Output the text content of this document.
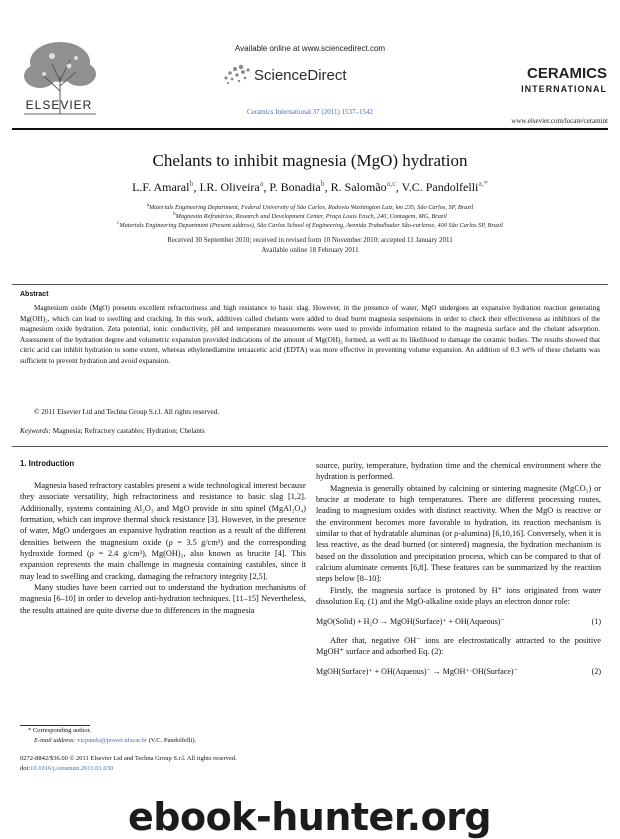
ELSEVIER
Available online at www.sciencedirect.com
ScienceDirect
Ceramics International 37 (2011) 1537–1542
CERAMICS
INTERNATIONAL
www.elsevier.com/locate/ceramint
Chelants to inhibit magnesia (MgO) hydration
L.F. Amaral$^b$, I.R. Oliveira$^a$, P. Bonadia$^b$, R. Salomão$^{a,c}$, V.C. Pandolfelli$^{a,*}$
$^a$Materials Engineering Department, Federal University of São Carlos, Rodovia Washington Luiz, km 235, São Carlos, SP, Brazil
$^b$Magnesita Refratários, Research and Development Center, Praça Louis Ensch, 240, Contagem, MG, Brazil
$^c$Materials Engineering Department (Present address), São Carlos School of Engineering, Avenida Trabalhador São-carlense, 400 São Carlos SP, Brazil
Received 30 September 2010; received in revised form 10 November 2010; accepted 11 January 2011
Available online 18 February 2011
Abstract

Magnesium oxide (MgO) presents excellent refractoriness and high resistance to basic slag. However, in the presence of water, MgO undergoes an expansive hydration reaction generating Mg(OH)₂, which can lead to swelling and cracking. In this work, additives called chelants were added to dead burnt magnesia suspensions in order to check their effectiveness as inhibitors of the magnesium oxide hydration. Zeta potential, ionic conductivity, pH and temperature measurements were used to provide information related to the magnesia surface and the chelant adsorption. Assessment of the hydration degree and volumetric expansion provided indications of the amount of Mg(OH)₂ formed, as well as its likelihood to damage the ceramic bodies. The results showed that citric acid can inhibit hydration to some extent, whereas ethylenediamine tetraacetic acid (EDTA) was more effective in preventing volume expansion. An addition of 0.3 wt% of these chelants was sufficient to prevent hydration and avoid expansion.

© 2011 Elsevier Ltd and Techna Group S.r.l. All rights reserved.
Keywords: Magnesia; Refractory castables; Hydration; Chelants
1. Introduction

Magnesia based refractory castables present a wide technological interest because they associate versatility, high refractoriness and resistance to basic slag [1,2]. Additionally, systems containing Al₂O₃ and MgO provide in situ spinel (MgAl₂O₄) formation, which can improve thermal shock resistance [3]. However, in the presence of water, MgO undergoes an expansive hydration reaction as a result of the different densities between the magnesium oxide (ρ = 3.5 g/cm³) and the corresponding hydroxide formed (ρ = 2.4 g/cm³), Mg(OH)₂, also known as brucite [4]. This expansion represents the main challenge in magnesia containing castables, since it may lead to swelling and cracking, damaging the refractory integrity [2,5].

Many studies have been carried out to understand the hydration mechanisms of magnesia [6–10] in order to develop anti-hydration techniques. [11–15] Nevertheless, the results attained are quite diverse due to differences in the magnesia

source, purity, temperature, hydration time and the chemical environment where the hydration is performed.

Magnesia is generally obtained by calcining or sintering magnesite (MgCO₃) or brucite at moderate to high temperatures. There are different processing routes, leading to magnesium oxides with distinct reactivity. When the MgO is reactive or the environment becomes more favorable to hydration, its reaction mechanism is similar to that of hydratable aluminas (or ρ-alumina) [6,10,16]. Conversely, when it is less reactive, as the dead burned (or sintered) magnesia, the hydration mechanism is based on the dissolution and precipitation process, which can be compared to that of calcium aluminate cements [6,8]. These features can be summarized by the reaction steps below [8–10]:

Firstly, the magnesia surface is protoned by H⁺ ions originated from water dissolution Eq. (1) and the MgO-alkaline oxide plays an electron donor role:

MgO(Solid) + H₂O → MgOH(Surface)⁺ + OH(Aqueous)⁻	(1)

After that, negative OH⁻ ions are electrostatically attracted to the positive MgOH⁺ surface and adsorbed Eq. (2):

MgOH(Surface)⁺ + OH(Aqueous)⁻ → MgOH⁺·OH(Surface)⁻	(2)
* Corresponding author.
E-mail address: vicpando@power.ufscar.br (V.C. Pandolfelli).
0272-8842/$36.00 © 2011 Elsevier Ltd and Techna Group S.r.l. All rights reserved.
doi:10.1016/j.ceramint.2011.01.030
ebook-hunter.org
